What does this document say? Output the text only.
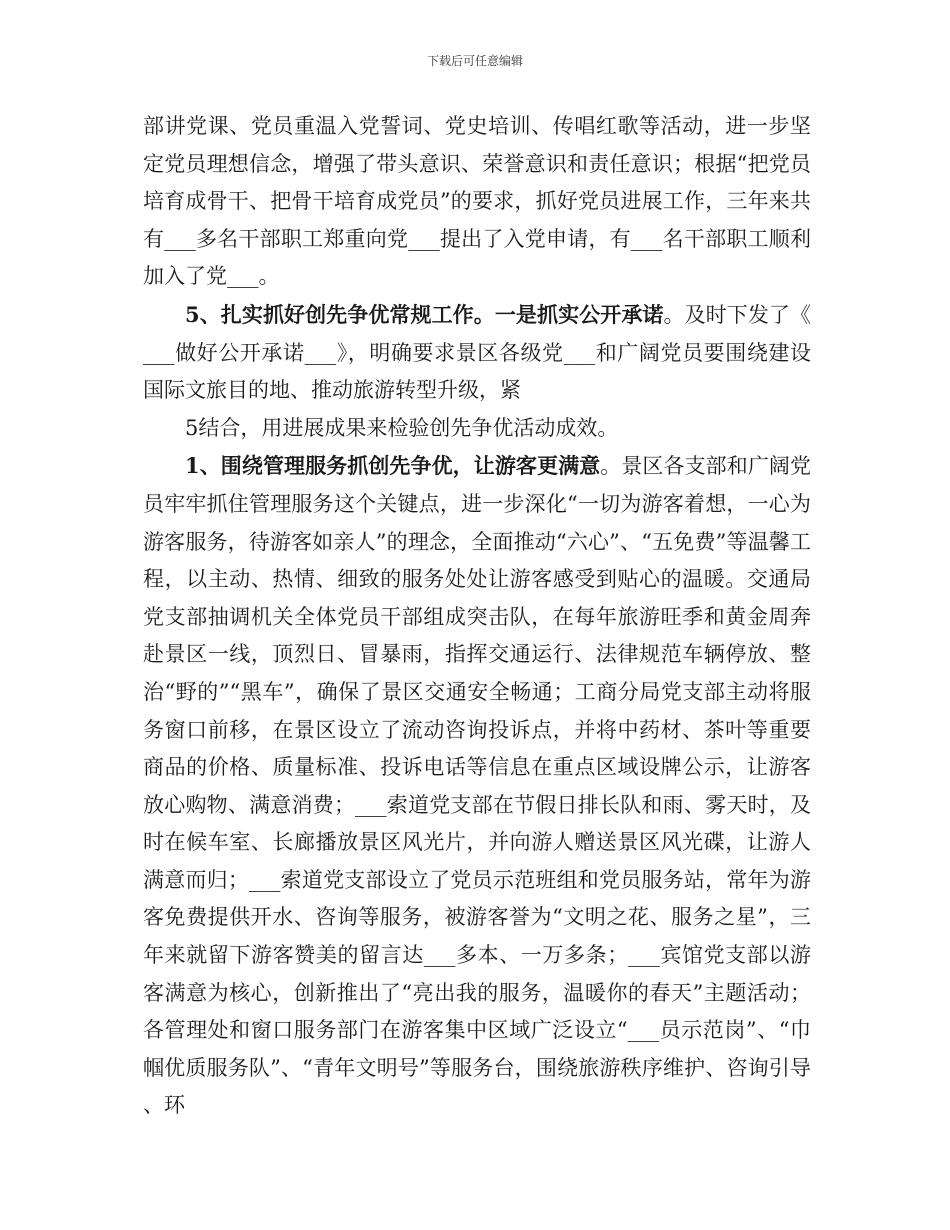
下载后可任意编辑

部讲党课、党员重温入党誓词、党史培训、传唱红歌等活动，进一步坚定党员理想信念，增强了带头意识、荣誉意识和责任意识；根据“把党员培育成骨干、把骨干培育成党员”的要求，抓好党员进展工作，三年来共有___多名干部职工郑重向党___提出了入党申请，有___名干部职工顺利加入了党___。

5、扎实抓好创先争优常规工作。一是抓实公开承诺。及时下发了《___做好公开承诺___》，明确要求景区各级党___和广阔党员要围绕建设国际文旅目的地、推动旅游转型升级，紧

5结合，用进展成果来检验创先争优活动成效。

1、围绕管理服务抓创先争优，让游客更满意。景区各支部和广阔党员牢牢抓住管理服务这个关键点，进一步深化“一切为游客着想，一心为游客服务，待游客如亲人”的理念，全面推动“六心”、“五免费”等温馨工程，以主动、热情、细致的服务处处让游客感受到贴心的温暖。交通局党支部抽调机关全体党员干部组成突击队，在每年旅游旺季和黄金周奔赴景区一线，顶烈日、冒暴雨，指挥交通运行、法律规范车辆停放、整治“野的”“黑车”，确保了景区交通安全畅通；工商分局党支部主动将服务窗口前移，在景区设立了流动咨询投诉点，并将中药材、茶叶等重要商品的价格、质量标准、投诉电话等信息在重点区域设牌公示，让游客放心购物、满意消费；___索道党支部在节假日排长队和雨、雾天时，及时在候车室、长廊播放景区风光片，并向游人赠送景区风光碟，让游人满意而归；___索道党支部设立了党员示范班组和党员服务站，常年为游客免费提供开水、咨询等服务，被游客誉为“文明之花、服务之星”，三年来就留下游客赞美的留言达___多本、一万多条；___宾馆党支部以游客满意为核心，创新推出了“亮出我的服务，温暖你的春天”主题活动；各管理处和窗口服务部门在游客集中区域广泛设立“___员示范岗”、“巾帼优质服务队”、“青年文明号”等服务台，围绕旅游秩序维护、咨询引导、环
